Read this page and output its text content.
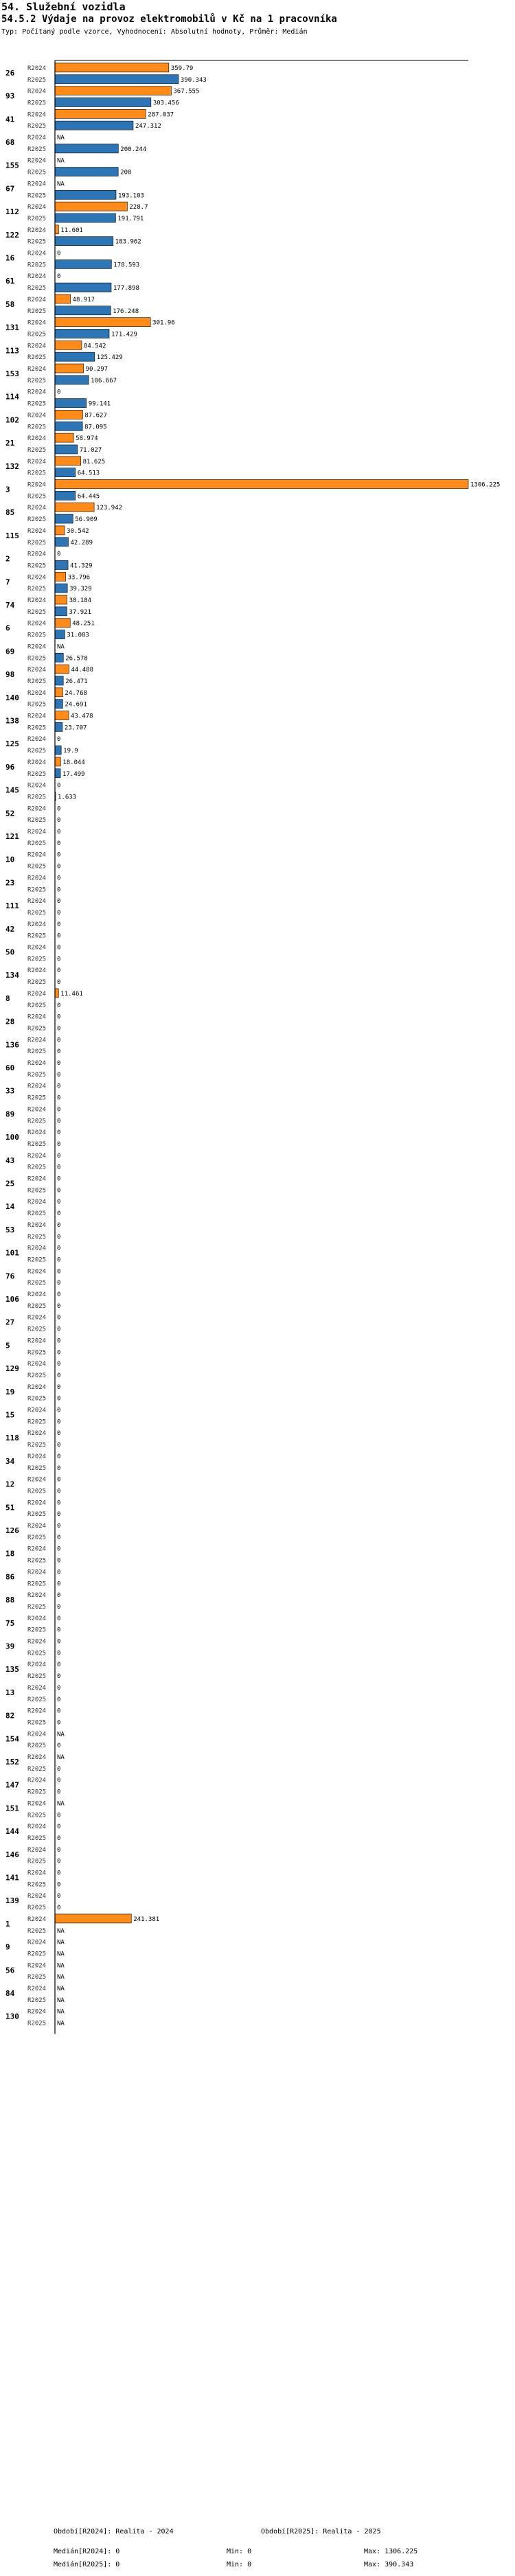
54. Služební vozidla
54.5.2 Výdaje na provoz elektromobilů v Kč na 1 pracovníka
Typ: Počítaný podle vzorce, Vyhodnocení: Absolutní hodnoty, Průměr: Medián
26 R2024	359.79
R2025	390.343
93 R2024	367.555
R2025	303.456
41 R2024	287.037
R2025	247.312
68 R2024 NA
R2025	200.244
155 R2024 NA
R2025	200
67 R2024 NA
R2025	193.103
112 R2024	228.7
R2025	191.791
122 R2024 11.601
R2025	183.962
16 R2024 0
R2025	178.593
61 R2024 0
R2025	177.898
58 R2024	48.917
R2025	176.248
131 R2024	301.96
R2025	171.429
113 R2024	84.542
R2025	125.429
153 R2024	90.297
R2025	106.667
114 R2024 0
R2025	99.141
102 R2024	87.627
R2025	87.095
21 R2024	58.974
R2025	71.027
132 R2024	81.625
R2025	64.513
3	R2024	1306.225
R2025	64.445
85 R2024	123.942
R2025	56.909
115 R2024	30.542
R2025	42.289
2	R2024 0
R2025	41.329
7	R2024	33.796
R2025	39.329
74 R2024	38.184
R2025	37.921
6	R2024	48.251
R2025	31.083
69 R2024 NA
R2025	26.578
98 R2024	44.488
R2025	26.471
140 R2024	24.768
R2025	24.691
138 R2024	43.478
R2025	23.707
125 R2024 0
R2025	19.9
96 R2024	18.044
R2025	17.499
145 R2024 0
R2025 1.633
52 R2024 0
R2025 0
121 R2024 0
R2025 0
10 R2024 0
R2025 0
23 R2024 0
R2025 0
111 R2024 0
R2025 0
42 R2024 0
R2025 0
50 R2024 0
R2025 0
134 R2024 0
R2025 0
8	R2024 11.461
R2025 0
28 R2024 0
R2025 0
136 R2024 0
R2025 0
60 R2024 0
R2025 0
33 R2024 0
R2025 0
89 R2024 0
R2025 0
100 R2024 0
R2025 0
43 R2024 0
R2025 0
25 R2024 0
R2025 0
14 R2024 0
R2025 0
53 R2024 0
R2025 0
101 R2024 0
R2025 0
76 R2024 0
R2025 0
106 R2024 0
R2025 0
27 R2024 0
R2025 0
5	R2024 0
R2025 0
129 R2024 0
R2025 0
19 R2024 0
R2025 0
15 R2024 0
R2025 0
118 R2024 0
R2025 0
34 R2024 0
R2025 0
12 R2024 0
R2025 0
51 R2024 0
R2025 0
126 R2024 0
R2025 0
18 R2024 0
R2025 0
86 R2024 0
R2025 0
88 R2024 0
R2025 0
75 R2024 0
R2025 0
39 R2024 0
R2025 0
135 R2024 0
R2025 0
13 R2024 0
R2025 0
82 R2024 0
R2025 0
154 R2024 NA
R2025 0
152 R2024 NA
R2025 0
147 R2024 0
R2025 0
151 R2024 NA
R2025 0
144 R2024 0
R2025 0
146 R2024 0
R2025 0
141 R2024 0
R2025 0
139 R2024 0
R2025 0
1	R2024	241.381
R2025 NA
9	R2024 NA
R2025 NA
56 R2024 NA
R2025 NA
84 R2024 NA
R2025 NA
130 R2024 NA
R2025 NA
Období[R2024]: Realita - 2024	Období[R2025]: Realita - 2025
Medián[R2024]: 0	Min: 0	Max: 1306.225
Medián[R2025]: 0	Min: 0	Max: 390.343
